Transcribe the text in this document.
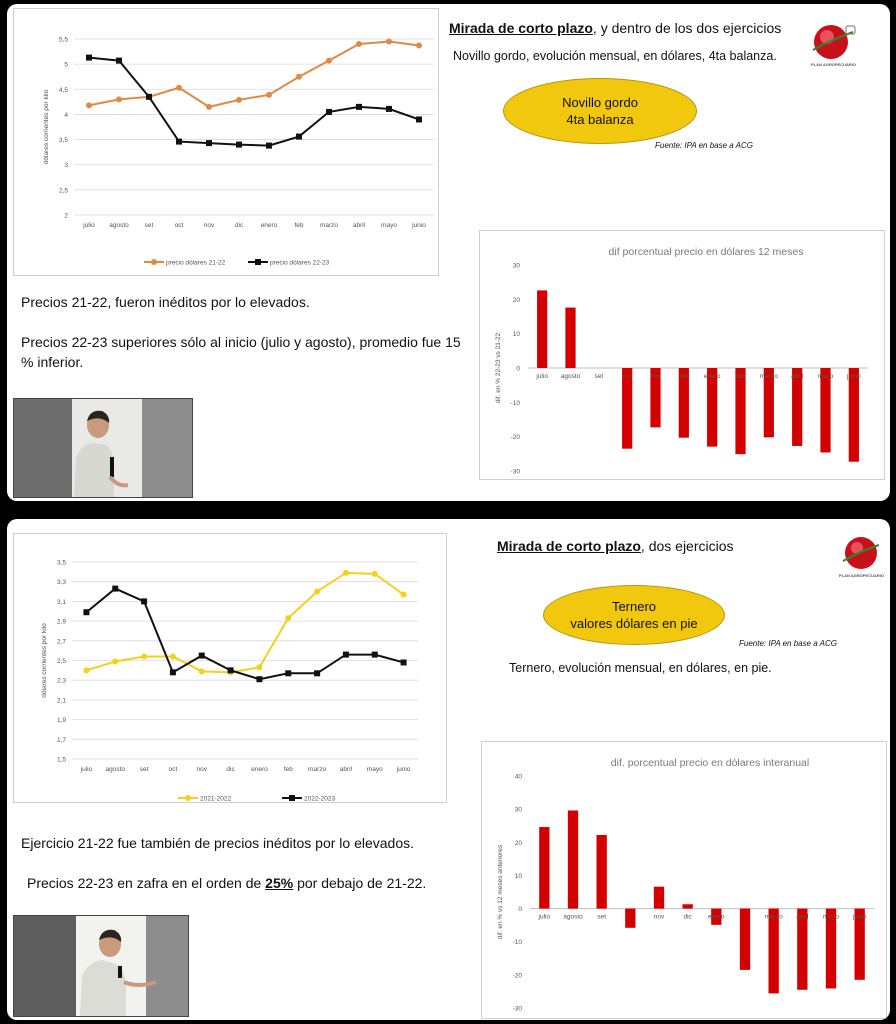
2
2,5
3
3,5
4
4,5
5
5,5
julio agosto set	oct	nov	dic	enero	feb	marzo abril mayo junio
dólares corrientes por kilo
precio dólares 21-22	precio dólares 22-23
Mirada de corto plazo, y dentro de los dos ejercicios
Novillo gordo, evolución mensual, en dólares, 4ta balanza.
PLAN AGROPECUARIO
Novillo gordo
4ta balanza
Fuente: IPA en base a ACG
dif porcentual precio en dólares 12 meses
30
20
10
0
-10
-20
-30
dif. en % 22-23 vs 21-22	julio agosto set	oct	nov	dic enero feb marzo abril mayo junio
Precios 21-22, fueron inéditos por lo elevados.
Precios 22-23 superiores sólo al inicio (julio y agosto), promedio fue 15 % inferior.
1,5
1,7
1,9
2,1
2,3
2,5
2,7
2,9
3,1
3,3
3,5
julio agosto set	oct	nov	dic	enero feb marzo abril mayo junio
dólares corrientes por kilo
2021-2022	2022-2023
Mirada de corto plazo, dos ejercicios
PLAN AGROPECUARIO
Ternero
valores dólares en pie
Fuente: IPA en base a ACG
Ternero, evolución mensual, en dólares, en pie.
dif. porcentual precio en dólares interanual
40
30
20
10
0
-10
-20
-30
dif. en % vs 12 meses anteriores	julio agosto set	nov	dic enero	marzo abril mayo junio
Ejercicio 21-22 fue también de precios inéditos por lo elevados.
Precios 22-23 en zafra en el orden de 25% por debajo de 21-22.
